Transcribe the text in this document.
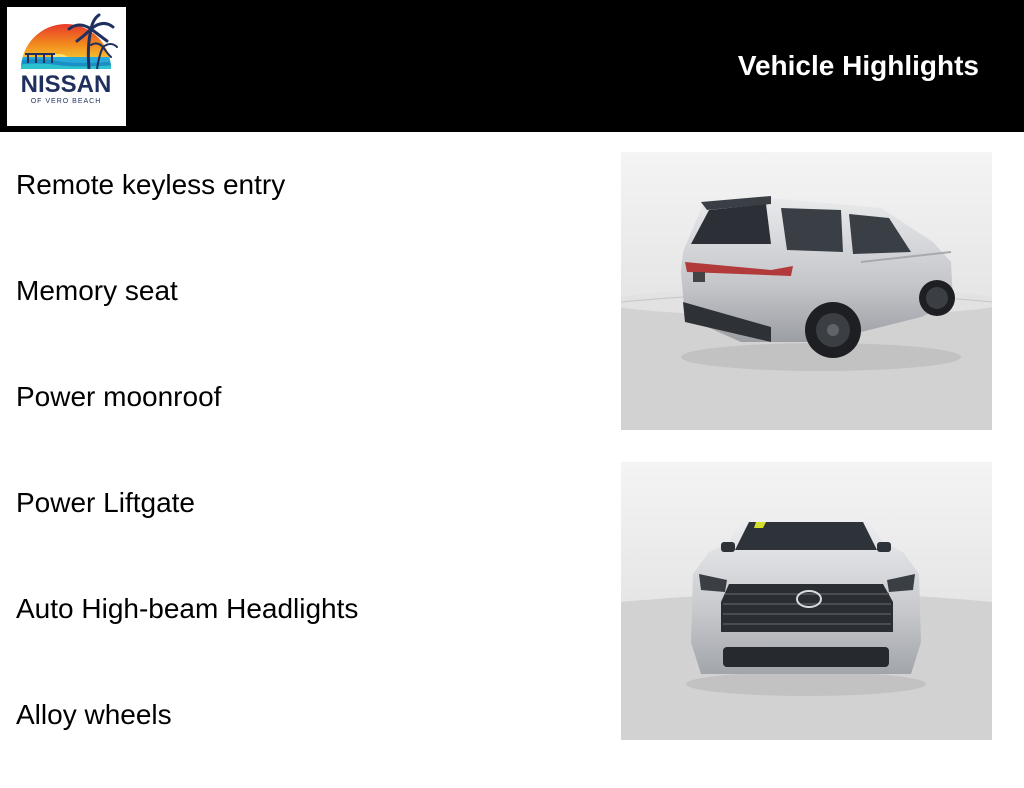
NISSAN
OF VERO BEACH
Vehicle Highlights
Remote keyless entry
Memory seat
Power moonroof
Power Liftgate
Auto High-beam Headlights
Alloy wheels
